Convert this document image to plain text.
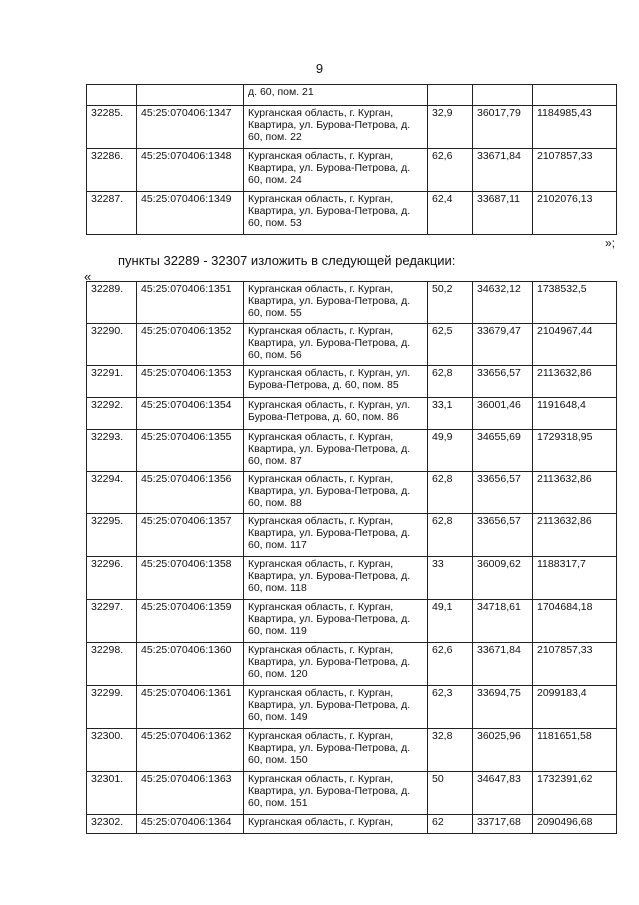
9
		д. 60, пом. 21			
32285.	45:25:070406:1347	Курганская область, г. Курган, Квартира, ул. Бурова-Петрова, д. 60, пом. 22	32,9	36017,79	1184985,43
32286.	45:25:070406:1348	Курганская область, г. Курган, Квартира, ул. Бурова-Петрова, д. 60, пом. 24	62,6	33671,84	2107857,33
32287.	45:25:070406:1349	Курганская область, г. Курган, Квартира, ул. Бурова-Петрова, д. 60, пом. 53	62,4	33687,11	2102076,13
»;
пункты 32289 - 32307 изложить в следующей редакции:
«
32289.	45:25:070406:1351	Курганская область, г. Курган, Квартира, ул. Бурова-Петрова, д. 60, пом. 55	50,2	34632,12	1738532,5
32290.	45:25:070406:1352	Курганская область, г. Курган, Квартира, ул. Бурова-Петрова, д. 60, пом. 56	62,5	33679,47	2104967,44
32291.	45:25:070406:1353	Курганская область, г. Курган, ул. Бурова-Петрова, д. 60, пом. 85	62,8	33656,57	2113632,86
32292.	45:25:070406:1354	Курганская область, г. Курган, ул. Бурова-Петрова, д. 60, пом. 86	33,1	36001,46	1191648,4
32293.	45:25:070406:1355	Курганская область, г. Курган, Квартира, ул. Бурова-Петрова, д. 60, пом. 87	49,9	34655,69	1729318,95
32294.	45:25:070406:1356	Курганская область, г. Курган, Квартира, ул. Бурова-Петрова, д. 60, пом. 88	62,8	33656,57	2113632,86
32295.	45:25:070406:1357	Курганская область, г. Курган, Квартира, ул. Бурова-Петрова, д. 60, пом. 117	62,8	33656,57	2113632,86
32296.	45:25:070406:1358	Курганская область, г. Курган, Квартира, ул. Бурова-Петрова, д. 60, пом. 118	33	36009,62	1188317,7
32297.	45:25:070406:1359	Курганская область, г. Курган, Квартира, ул. Бурова-Петрова, д. 60, пом. 119	49,1	34718,61	1704684,18
32298.	45:25:070406:1360	Курганская область, г. Курган, Квартира, ул. Бурова-Петрова, д. 60, пом. 120	62,6	33671,84	2107857,33
32299.	45:25:070406:1361	Курганская область, г. Курган, Квартира, ул. Бурова-Петрова, д. 60, пом. 149	62,3	33694,75	2099183,4
32300.	45:25:070406:1362	Курганская область, г. Курган, Квартира, ул. Бурова-Петрова, д. 60, пом. 150	32,8	36025,96	1181651,58
32301.	45:25:070406:1363	Курганская область, г. Курган, Квартира, ул. Бурова-Петрова, д. 60, пом. 151	50	34647,83	1732391,62
32302.	45:25:070406:1364	Курганская область, г. Курган,	62	33717,68	2090496,68
